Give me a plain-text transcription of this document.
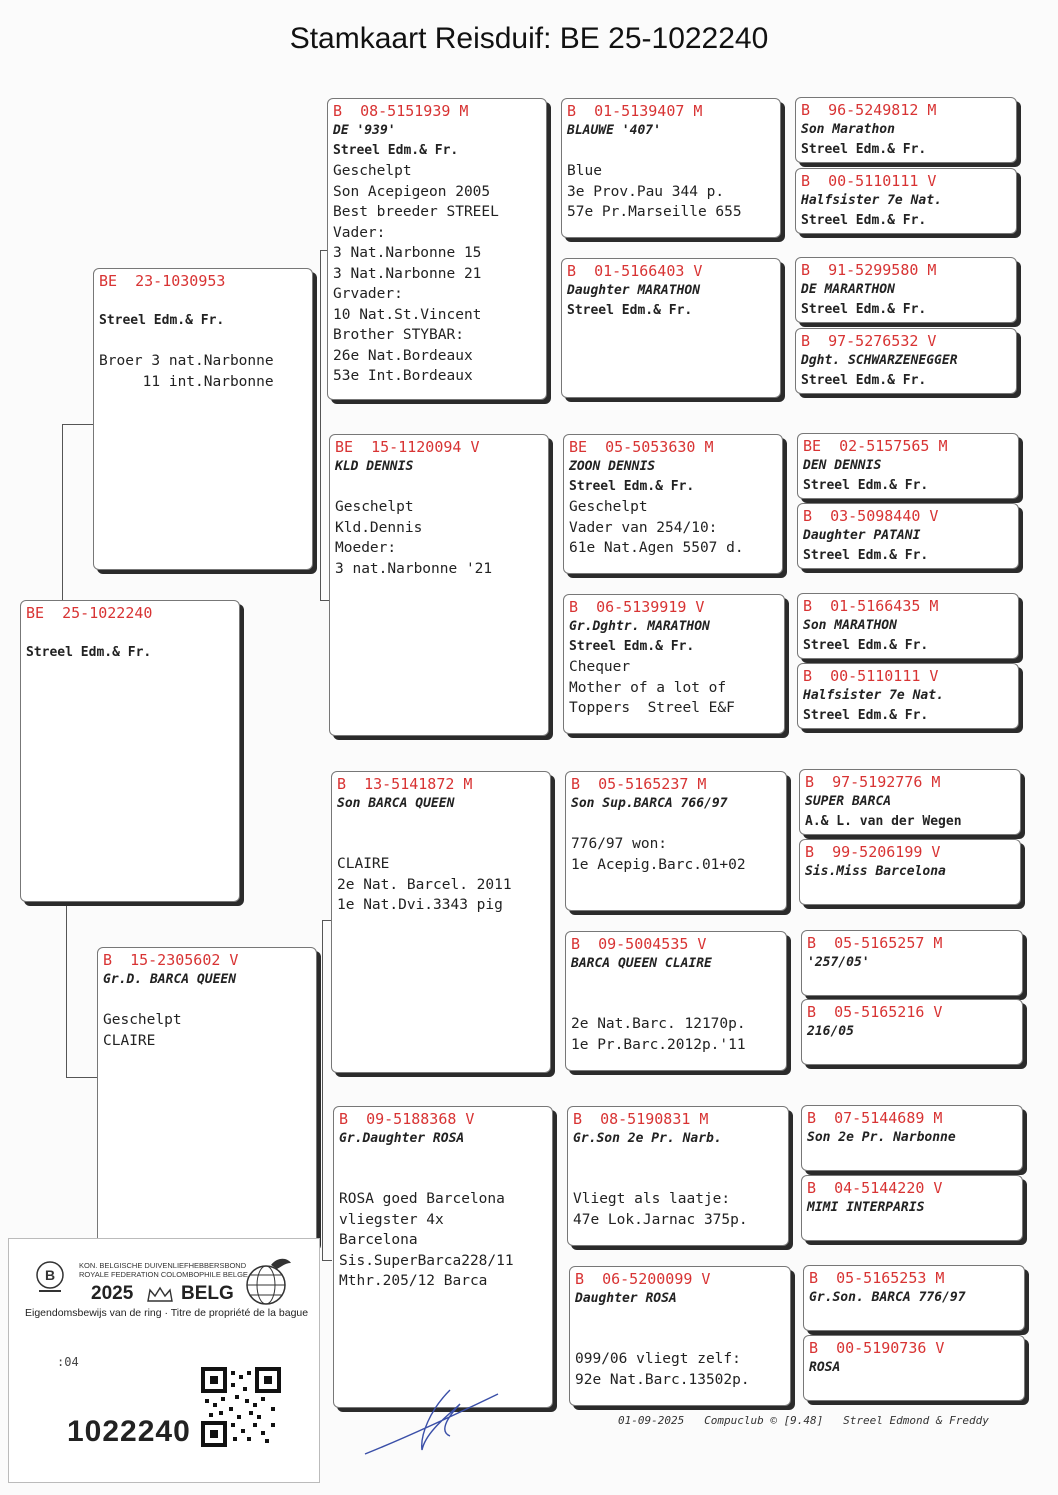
Stamkaart Reisduif: BE 25-1022240
BE  25-1022240
Streel Edm.& Fr.
BE  23-1030953
Streel Edm.& Fr.
Broer 3 nat.Narbonne
11 int.Narbonne
B  15-2305602 V
Gr.D. BARCA QUEEN
Geschelpt
CLAIRE
B  08-5151939 M
DE '939'
Streel Edm.& Fr.
Geschelpt
Son Acepigeon 2005
Best breeder STREEL
Vader:
3 Nat.Narbonne 15
3 Nat.Narbonne 21
Grvader:
10 Nat.St.Vincent
Brother STYBAR:
26e Nat.Bordeaux
53e Int.Bordeaux
BE  15-1120094 V
KLD DENNIS
Geschelpt
Kld.Dennis
Moeder:
3 nat.Narbonne '21
B  13-5141872 M
Son BARCA QUEEN
CLAIRE
2e Nat. Barcel. 2011
1e Nat.Dvi.3343 pig
B  09-5188368 V
Gr.Daughter ROSA
ROSA goed Barcelona
vliegster 4x
Barcelona
Sis.SuperBarca228/11
Mthr.205/12 Barca
B  01-5139407 M
BLAUWE '407'
Blue
3e Prov.Pau 344 p.
57e Pr.Marseille 655
B  01-5166403 V
Daughter MARATHON
Streel Edm.& Fr.
BE  05-5053630 M
ZOON DENNIS
Streel Edm.& Fr.
Geschelpt
Vader van 254/10:
61e Nat.Agen 5507 d.
B  06-5139919 V
Gr.Dghtr. MARATHON
Streel Edm.& Fr.
Chequer
Mother of a lot of
Toppers  Streel E&F
B  05-5165237 M
Son Sup.BARCA 766/97
776/97 won:
1e Acepig.Barc.01+02
B  09-5004535 V
BARCA QUEEN CLAIRE
2e Nat.Barc. 12170p.
1e Pr.Barc.2012p.'11
B  08-5190831 M
Gr.Son 2e Pr. Narb.
Vliegt als laatje:
47e Lok.Jarnac 375p.
B  06-5200099 V
Daughter ROSA
099/06 vliegt zelf:
92e Nat.Barc.13502p.
B  96-5249812 M
Son Marathon
Streel Edm.& Fr.
B  00-5110111 V
Halfsister 7e Nat.
Streel Edm.& Fr.
B  91-5299580 M
DE MARARTHON
Streel Edm.& Fr.
B  97-5276532 V
Dght. SCHWARZENEGGER
Streel Edm.& Fr.
BE  02-5157565 M
DEN DENNIS
Streel Edm.& Fr.
B  03-5098440 V
Daughter PATANI
Streel Edm.& Fr.
B  01-5166435 M
Son MARATHON
Streel Edm.& Fr.
B  00-5110111 V
Halfsister 7e Nat.
Streel Edm.& Fr.
B  97-5192776 M
SUPER BARCA
A.& L. van der Wegen
B  99-5206199 V
Sis.Miss Barcelona
B  05-5165257 M
'257/05'
B  05-5165216 V
216/05
B  07-5144689 M
Son 2e Pr. Narbonne
B  04-5144220 V
MIMI INTERPARIS
B  05-5165253 M
Gr.Son. BARCA 776/97
B  00-5190736 V
ROSA
01-09-2025   Compuclub © [9.48]   Streel Edmond & Freddy
B
KON. BELGISCHE DUIVENLIEFHEBBERSBOND
ROYALE FEDERATION COLOMBOPHILE BELGE
2025	BELG
Eigendomsbewijs van de ring · Titre de propriété de la bague
:04
1022240
